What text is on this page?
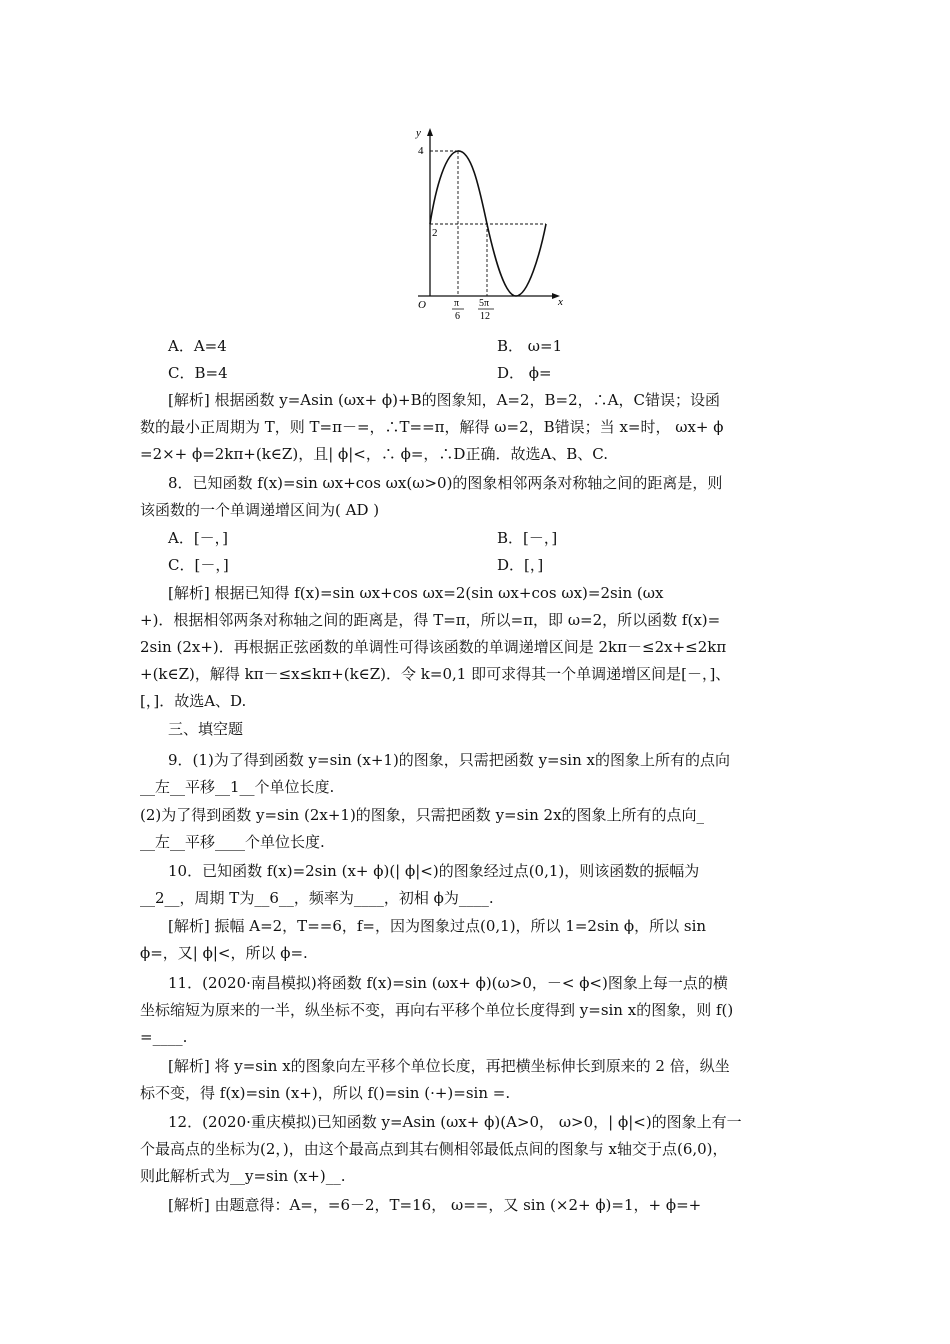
y
x
O
4
2
π
6
5π
12
A．A=4	B． ω=1
C．B=4	D． ϕ=
[解析] 根据函数 y=Asin (ωx+ ϕ)+B的图象知，A=2，B=2，∴A，C错误；设函
数的最小正周期为 T，则 T=π－=，∴T==π，解得 ω=2，B错误；当 x=时， ωx+ ϕ
=2×+ ϕ=2kπ+(k∈Z)，且| ϕ|<，∴ ϕ=，∴D正确．故选A、B、C.
8．已知函数 f(x)=sin ωx+cos ωx(ω>0)的图象相邻两条对称轴之间的距离是，则
该函数的一个单调递增区间为( AD )
A．[－，]	B．[－，]
C．[－，]	D．[，]
[解析] 根据已知得 f(x)=sin ωx+cos ωx=2(sin ωx+cos ωx)=2sin (ωx
+)．根据相邻两条对称轴之间的距离是，得 T=π，所以=π，即 ω=2，所以函数 f(x)=
2sin (2x+)．再根据正弦函数的单调性可得该函数的单调递增区间是 2kπ－≤2x+≤2kπ
+(k∈Z)，解得 kπ－≤x≤kπ+(k∈Z)．令 k=0,1 即可求得其一个单调递增区间是[－，]、
[，]．故选A、D.
三、填空题
9．(1)为了得到函数 y=sin (x+1)的图象，只需把函数 y=sin x的图象上所有的点向
__左__平移__1__个单位长度.
(2)为了得到函数 y=sin (2x+1)的图象，只需把函数 y=sin 2x的图象上所有的点向_
__左__平移____个单位长度.
10．已知函数 f(x)=2sin (x+ ϕ)(| ϕ|<)的图象经过点(0,1)，则该函数的振幅为
__2__，周期 T为__6__，频率为____，初相 ϕ为____.
[解析] 振幅 A=2，T==6，f=，因为图象过点(0,1)，所以 1=2sin ϕ，所以 sin
ϕ=，又| ϕ|<，所以 ϕ=.
11．(2020·南昌模拟)将函数 f(x)=sin (ωx+ ϕ)(ω>0，－< ϕ<)图象上每一点的横
坐标缩短为原来的一半，纵坐标不变，再向右平移个单位长度得到 y=sin x的图象，则 f()
=____.
[解析] 将 y=sin x的图象向左平移个单位长度，再把横坐标伸长到原来的 2 倍，纵坐
标不变，得 f(x)=sin (x+)，所以 f()=sin (·+)=sin =.
12．(2020·重庆模拟)已知函数 y=Asin (ωx+ ϕ)(A>0， ω>0，| ϕ|<)的图象上有一
个最高点的坐标为(2，)，由这个最高点到其右侧相邻最低点间的图象与 x轴交于点(6,0)，
则此解析式为__y=sin (x+)__.
[解析] 由题意得：A=，=6－2，T=16， ω==，又 sin (×2+ ϕ)=1，+ ϕ=+
